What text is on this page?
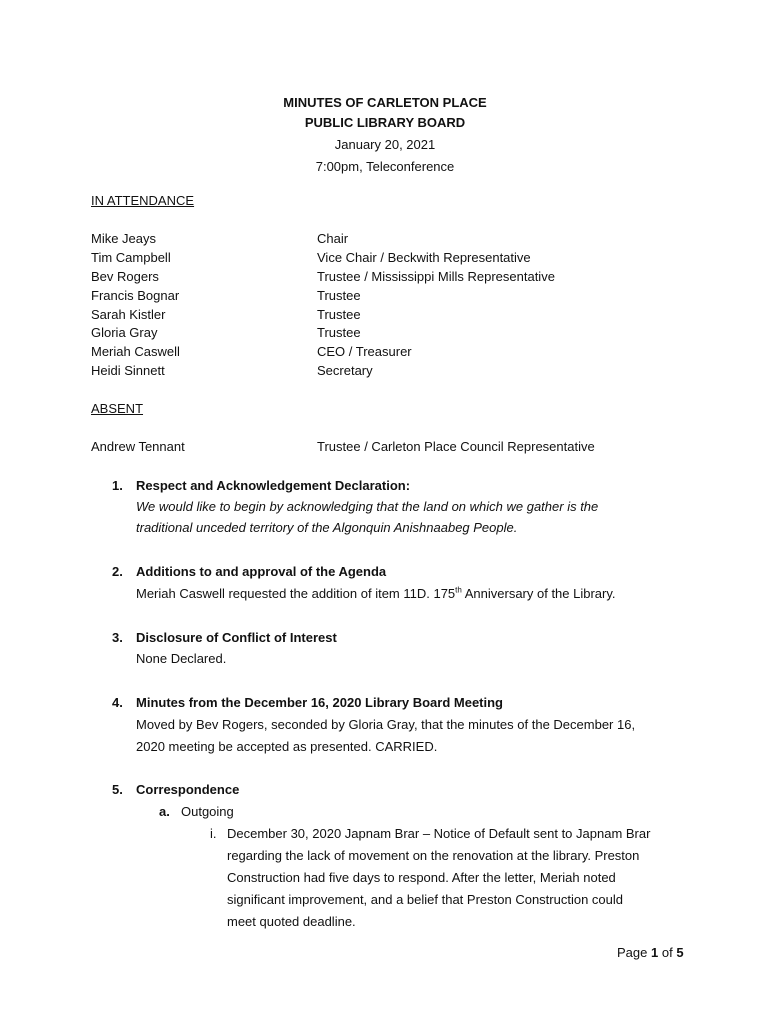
MINUTES OF CARLETON PLACE
PUBLIC LIBRARY BOARD
January 20, 2021
7:00pm, Teleconference
IN ATTENDANCE
Mike Jeays	Chair
Tim Campbell	Vice Chair / Beckwith Representative
Bev Rogers	Trustee / Mississippi Mills Representative
Francis Bognar	Trustee
Sarah Kistler	Trustee
Gloria Gray	Trustee
Meriah Caswell	CEO / Treasurer
Heidi Sinnett	Secretary
ABSENT
Andrew Tennant	Trustee / Carleton Place Council Representative
1. Respect and Acknowledgement Declaration:
We would like to begin by acknowledging that the land on which we gather is the
traditional unceded territory of the Algonquin Anishnaabeg People.
2. Additions to and approval of the Agenda
Meriah Caswell requested the addition of item 11D. 175th Anniversary of the Library.
3. Disclosure of Conflict of Interest
None Declared.
4. Minutes from the December 16, 2020 Library Board Meeting
Moved by Bev Rogers, seconded by Gloria Gray, that the minutes of the December 16,
2020 meeting be accepted as presented. CARRIED.
5. Correspondence
a. Outgoing
i. December 30, 2020 Japnam Brar – Notice of Default sent to Japnam Brar
regarding the lack of movement on the renovation at the library. Preston
Construction had five days to respond. After the letter, Meriah noted
significant improvement, and a belief that Preston Construction could
meet quoted deadline.
Page 1 of 5
